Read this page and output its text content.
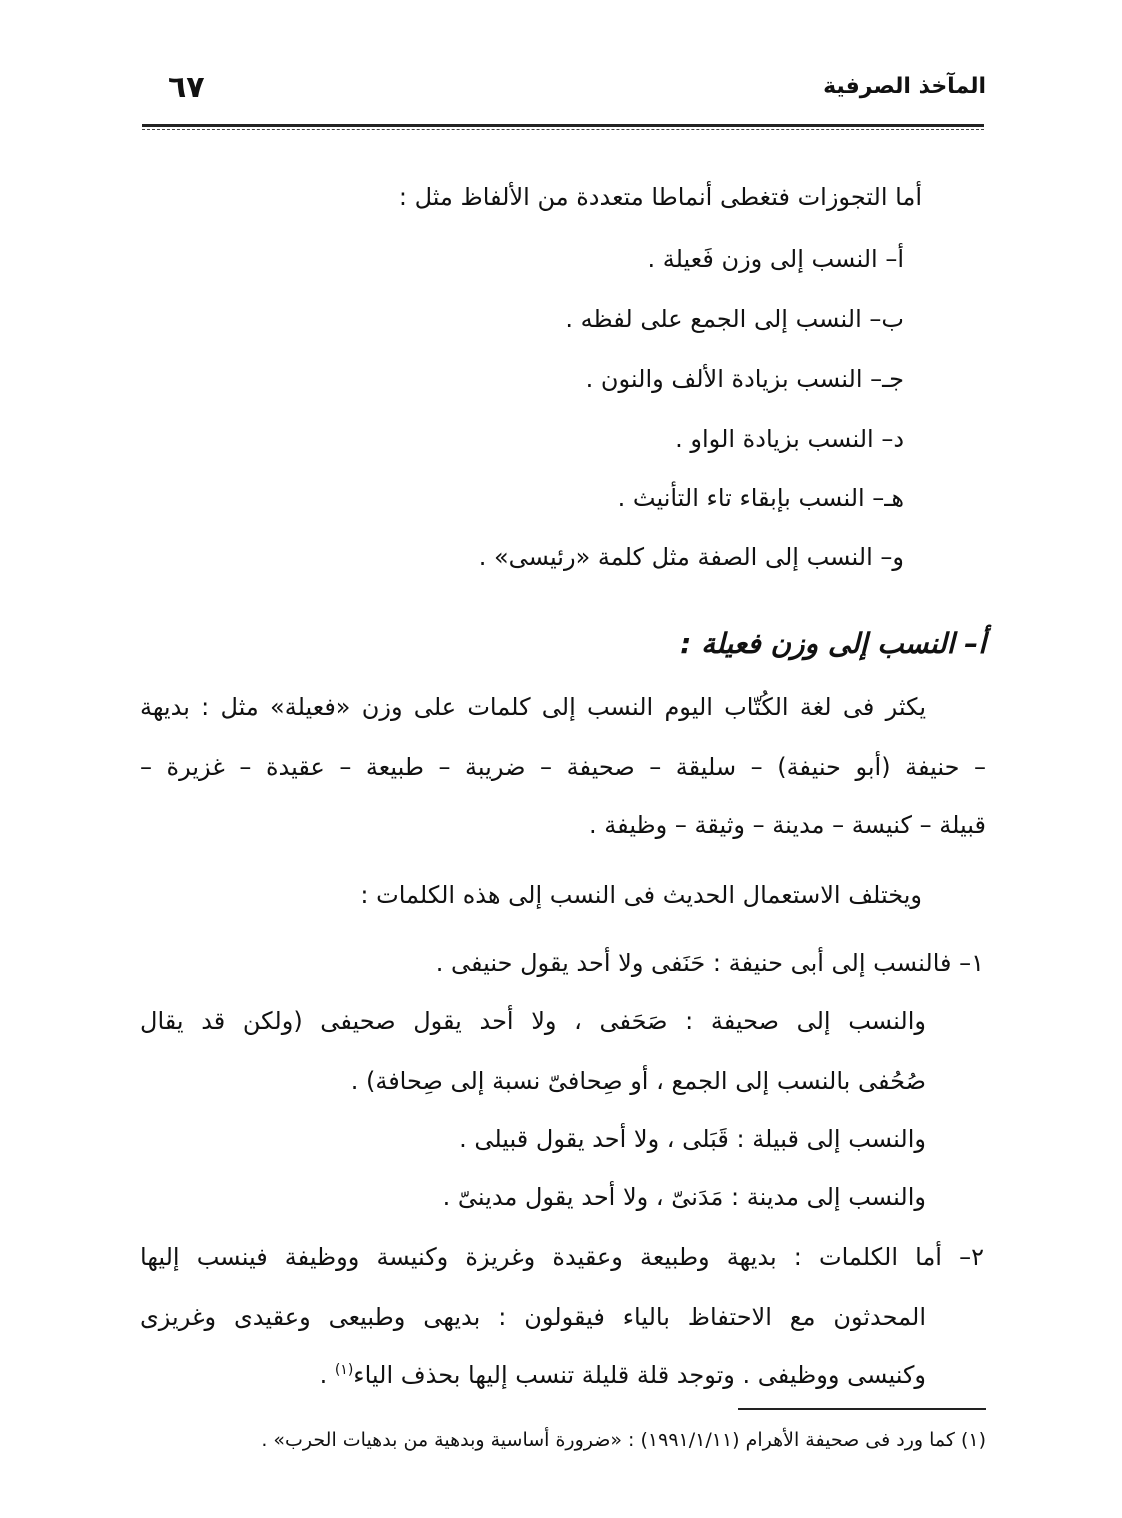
المآخذ الصرفية
٦٧
أما التجوزات فتغطى أنماطا متعددة من الألفاظ مثل :
أ– النسب إلى وزن فَعيلة .
ب– النسب إلى الجمع على لفظه .
جـ– النسب بزيادة الألف والنون .
د– النسب بزيادة الواو .
هـ– النسب بإبقاء تاء التأنيث .
و– النسب إلى الصفة مثل كلمة «رئيسى» .
أ– النسب إلى وزن فعيلة :
يكثر فى لغة الكُتّاب اليوم النسب إلى كلمات على وزن «فعيلة» مثل : بديهة
– حنيفة (أبو حنيفة) – سليقة – صحيفة – ضريبة – طبيعة – عقيدة – غزيرة –
قبيلة – كنيسة – مدينة – وثيقة – وظيفة .
ويختلف الاستعمال الحديث فى النسب إلى هذه الكلمات :
١– فالنسب إلى أبى حنيفة : حَنَفى ولا أحد يقول حنيفى .
والنسب إلى صحيفة : صَحَفى ، ولا أحد يقول صحيفى (ولكن قد يقال
صُحُفى بالنسب إلى الجمع ، أو صِحافىّ نسبة إلى صِحافة) .
والنسب إلى قبيلة : قَبَلى ، ولا أحد يقول قبيلى .
والنسب إلى مدينة : مَدَنىّ ، ولا أحد يقول مدينىّ .
٢– أما الكلمات : بديهة وطبيعة وعقيدة وغريزة وكنيسة ووظيفة فينسب إليها
المحدثون مع الاحتفاظ بالياء فيقولون : بديهى وطبيعى وعقيدى وغريزى
وكنيسى ووظيفى . وتوجد قلة قليلة تنسب إليها بحذف الياء$^{(١)}$ .
(١) كما ورد فى صحيفة الأهرام (١٩٩١/١/١١) : «ضرورة أساسية وبدهية من بدهيات الحرب» .
